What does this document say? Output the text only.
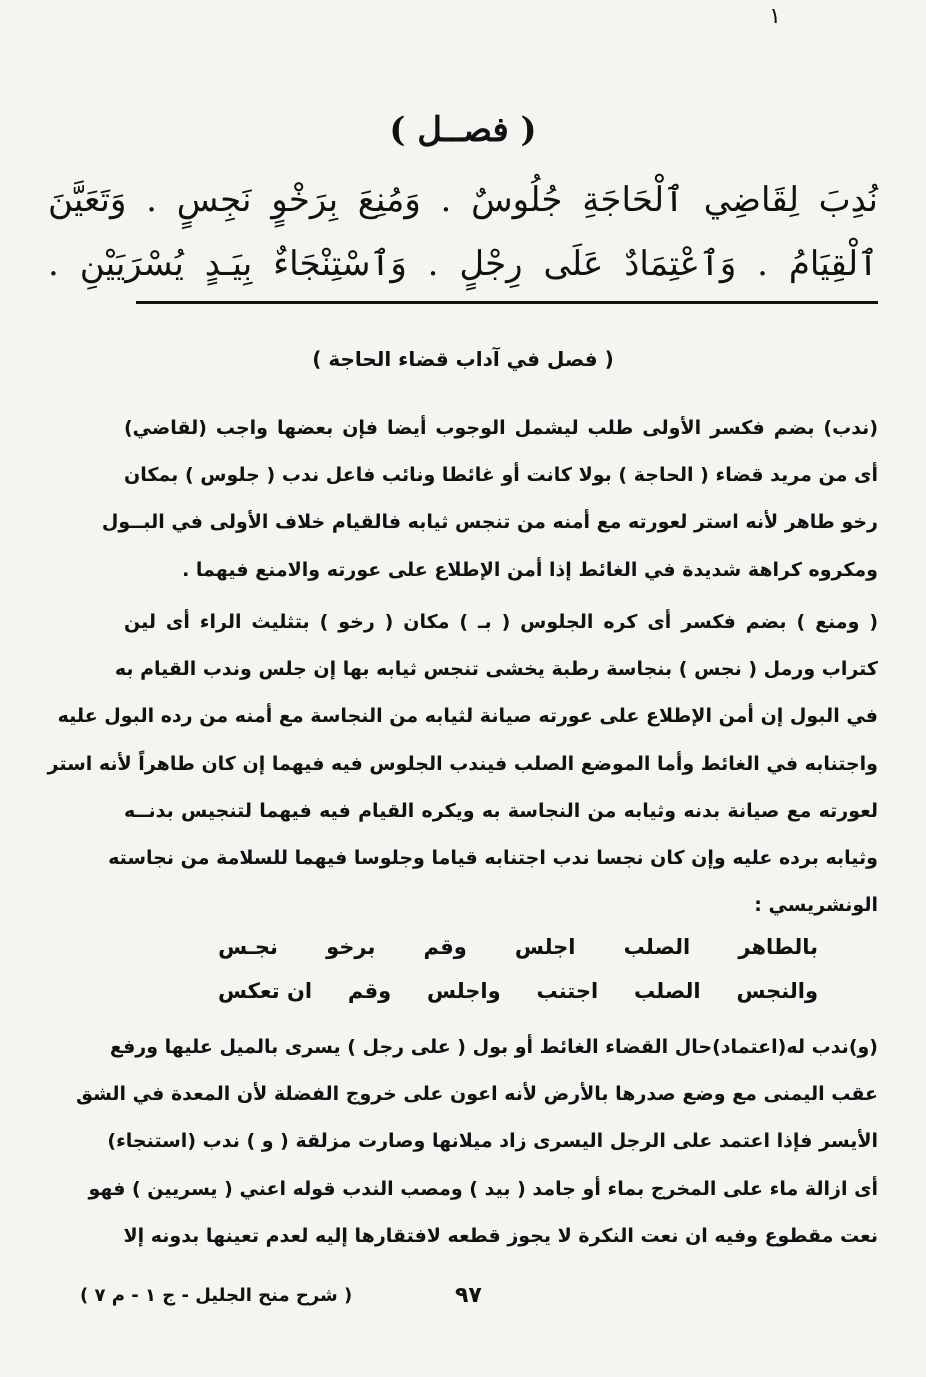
١
( فصــل )
نُدِبَ لِقَاضِي ٱلْحَاجَةِ جُلُوسٌ . وَمُنِعَ بِرَخْوٍ نَجِسٍ . وَتَعَيَّنَ
ٱلْقِيَامُ . وَٱعْتِمَادٌ عَلَى رِجْلٍ . وَٱسْتِنْجَاءٌ بِيَـدٍ يُسْرَيَيْنِ .
( فصل في آداب قضاء الحاجة )
(ندب) بضم فكسر الأولى طلب ليشمل الوجوب أيضا فإن بعضها واجب (لقاضي)
أى من مريد قضاء ( الحاجة ) بولا كانت أو غائطا ونائب فاعل ندب ( جلوس ) بمكان
رخو طاهر لأنه استر لعورته مع أمنه من تنجس ثيابه فالقيام خلاف الأولى في البــول
ومكروه كراهة شديدة في الغائط إذا أمن الإطلاع على عورته والامنع فيهما .
( ومنع ) بضم فكسر أى كره الجلوس ( بـ ) مكان ( رخو ) بتثليث الراء أى لين
كتراب ورمل ( نجس ) بنجاسة رطبة يخشى تنجس ثيابه بها إن جلس وندب القيام به
في البول إن أمن الإطلاع على عورته صيانة لثيابه من النجاسة مع أمنه من رده البول عليه
واجتنابه في الغائط وأما الموضع الصلب فيندب الجلوس فيه فيهما إن كان طاهراً لأنه استر
لعورته مع صيانة بدنه وثيابه من النجاسة به ويكره القيام فيه فيهما لتنجيس بدنــه
وثيابه برده عليه وإن كان نجسا ندب اجتنابه قياما وجلوسا فيهما للسلامة من نجاسته
الونشريسي :
بالطاهر
الصلب
اجلس
وقم
برخو
نجـس
والنجس
الصلب
اجتنب
واجلس
وقم
ان تعكس
(و)ندب له(اعتماد)حال القضاء الغائط أو بول ( على رجل ) يسرى بالميل عليها ورفع
عقب اليمنى مع وضع صدرها بالأرض لأنه اعون على خروج الفضلة لأن المعدة في الشق
الأيسر فإذا اعتمد على الرجل اليسرى زاد ميلانها وصارت مزلقة ( و ) ندب (استنجاء)
أى ازالة ماء على المخرج بماء أو جامد ( بيد ) ومصب الندب قوله اعني ( يسريين ) فهو
نعت مقطوع وفيه ان نعت النكرة لا يجوز قطعه لافتقارها إليه لعدم تعينها بدونه إلا
٩٧
( شرح منح الجليل - ج ١ - م ٧ )
